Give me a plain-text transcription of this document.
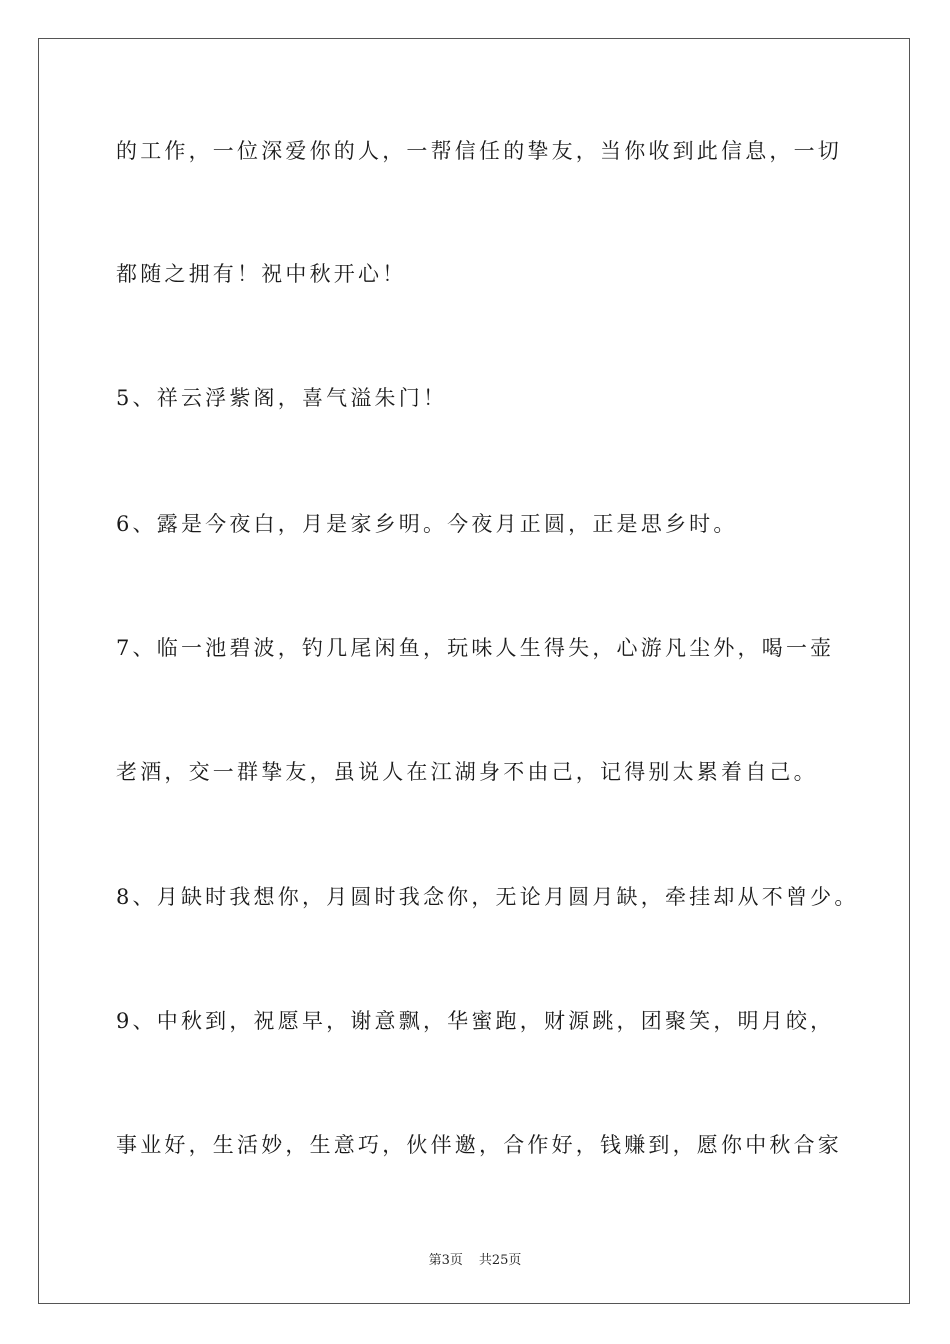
的工作，一位深爱你的人，一帮信任的挚友，当你收到此信息，一切
都随之拥有！祝中秋开心！
5、祥云浮紫阁，喜气溢朱门！
6、露是今夜白，月是家乡明。今夜月正圆，正是思乡时。
7、临一池碧波，钓几尾闲鱼，玩味人生得失，心游凡尘外，喝一壶
老酒，交一群挚友，虽说人在江湖身不由己，记得别太累着自己。
8、月缺时我想你，月圆时我念你，无论月圆月缺，牵挂却从不曾少。
9、中秋到，祝愿早，谢意飘，华蜜跑，财源跳，团聚笑，明月皎，
事业好，生活妙，生意巧，伙伴邀，合作好，钱赚到，愿你中秋合家
第3页 共25页
